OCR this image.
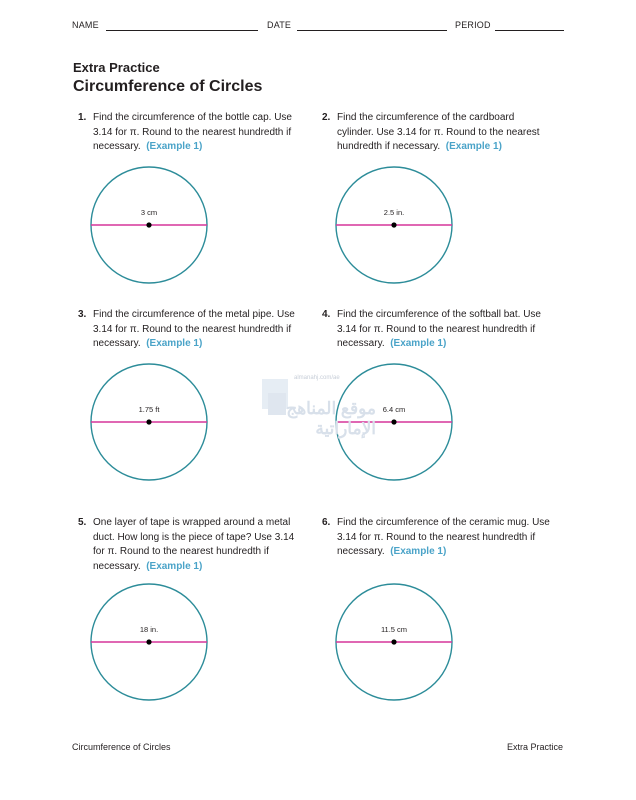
NAME	DATE	PERIOD
Extra Practice
Circumference of Circles
1. Find the circumference of the bottle cap. Use 3.14 for π. Round to the nearest hundredth if necessary. (Example 1)
2. Find the circumference of the cardboard cylinder. Use 3.14 for π. Round to the nearest hundredth if necessary. (Example 1)
3. Find the circumference of the metal pipe. Use 3.14 for π. Round to the nearest hundredth if necessary. (Example 1)
4. Find the circumference of the softball bat. Use 3.14 for π. Round to the nearest hundredth if necessary. (Example 1)
5. One layer of tape is wrapped around a metal duct. How long is the piece of tape? Use 3.14 for π. Round to the nearest hundredth if necessary. (Example 1)
6. Find the circumference of the ceramic mug. Use 3.14 for π. Round to the nearest hundredth if necessary. (Example 1)
3 cm	2.5 in.
1.75 ft	6.4 cm
18 in.	11.5 cm
almanahj.com/ae
موقع المناهج الإماراتية
Circumference of Circles	Extra Practice
